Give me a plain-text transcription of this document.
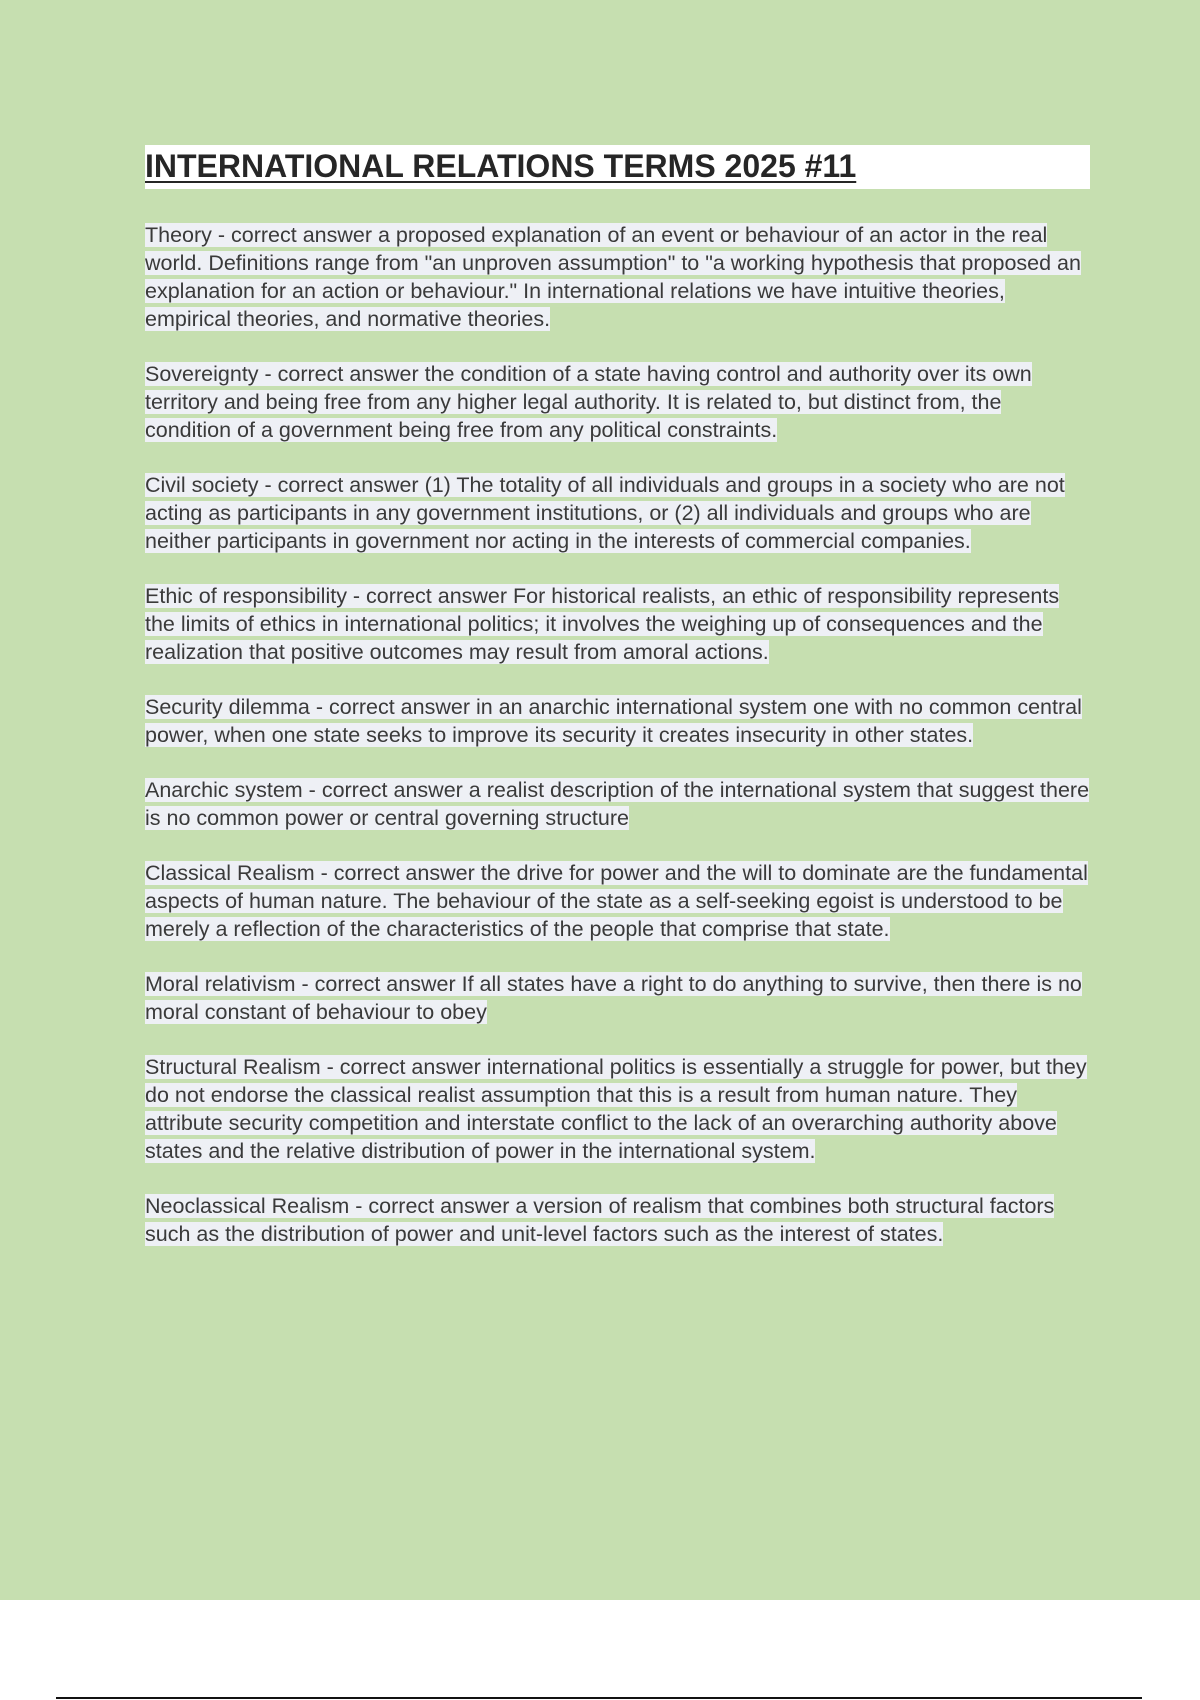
INTERNATIONAL RELATIONS TERMS 2025 #11
Theory - correct answer a proposed explanation of an event or behaviour of an actor in the real world. Definitions range from "an unproven assumption" to "a working hypothesis that proposed an explanation for an action or behaviour." In international relations we have intuitive theories, empirical theories, and normative theories.
Sovereignty - correct answer the condition of a state having control and authority over its own territory and being free from any higher legal authority. It is related to, but distinct from, the condition of a government being free from any political constraints.
Civil society - correct answer (1) The totality of all individuals and groups in a society who are not acting as participants in any government institutions, or (2) all individuals and groups who are neither participants in government nor acting in the interests of commercial companies.
Ethic of responsibility - correct answer For historical realists, an ethic of responsibility represents the limits of ethics in international politics; it involves the weighing up of consequences and the realization that positive outcomes may result from amoral actions.
Security dilemma - correct answer in an anarchic international system one with no common central power, when one state seeks to improve its security it creates insecurity in other states.
Anarchic system - correct answer a realist description of the international system that suggest there is no common power or central governing structure
Classical Realism - correct answer the drive for power and the will to dominate are the fundamental aspects of human nature. The behaviour of the state as a self-seeking egoist is understood to be merely a reflection of the characteristics of the people that comprise that state.
Moral relativism - correct answer If all states have a right to do anything to survive, then there is no moral constant of behaviour to obey
Structural Realism - correct answer international politics is essentially a struggle for power, but they do not endorse the classical realist assumption that this is a result from human nature. They attribute security competition and interstate conflict to the lack of an overarching authority above states and the relative distribution of power in the international system.
Neoclassical Realism - correct answer a version of realism that combines both structural factors such as the distribution of power and unit-level factors such as the interest of states.
